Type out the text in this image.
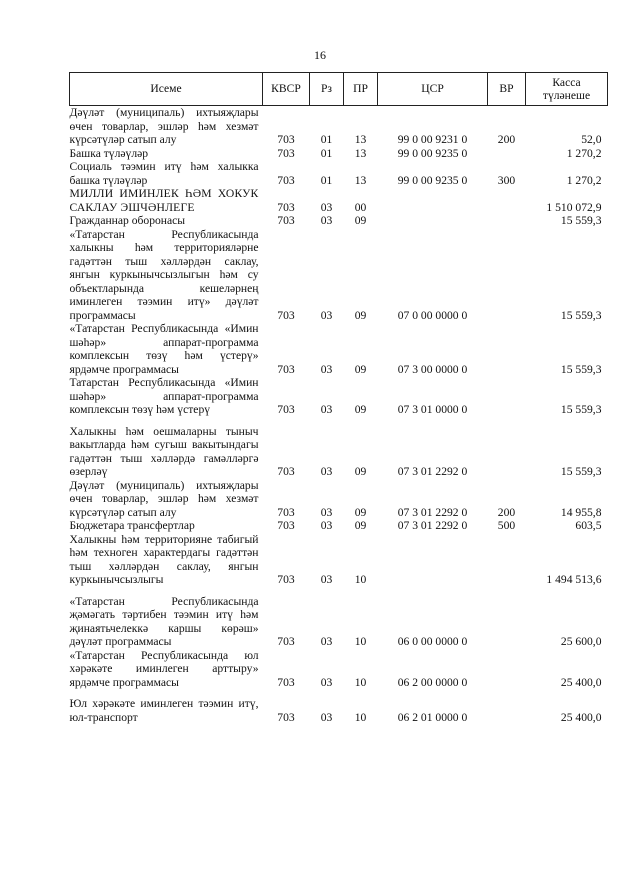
16
Исеме	КВСР	Рз	ПР	ЦСР	ВР	Касса түләнеше
Дәүләт (муниципаль) ихтыяҗлары өчен товарлар, эшләр һәм хезмәт күрсәтүләр сатып алу	703	01	13	99 0 00 9231 0	200	52,0
Башка түләүләр	703	01	13	99 0 00 9235 0		1 270,2
Социаль тәэмин итү һәм халыкка башка түләүләр	703	01	13	99 0 00 9235 0	300	1 270,2
МИЛЛИ ИМИНЛЕК ҺӘМ ХОКУК САКЛАУ ЭШЧӘНЛЕГЕ	703	03	00			1 510 072,9
Гражданнар оборонасы	703	03	09			15 559,3
«Татарстан Республикасында халыкны һәм территорияләрне гадәттән тыш хәлләрдән саклау, янгын куркынычсызлыгын һәм су объектларында кешеләрнең иминлеген тәэмин итү» дәүләт программасы	703	03	09	07 0 00 0000 0		15 559,3
«Татарстан Республикасында «Имин шәһәр» аппарат-программа комплексын төзү һәм үстерү» ярдәмче программасы	703	03	09	07 3 00 0000 0		15 559,3
Татарстан Республикасында «Имин шәһәр» аппарат-программа комплексын төзү һәм үстерү	703	03	09	07 3 01 0000 0		15 559,3
Халыкны һәм оешмаларны тыныч вакытларда һәм сугыш вакытындагы гадәттән тыш хәлләрдә гамәлләргә өзерләү	703	03	09	07 3 01 2292 0		15 559,3
Дәүләт (муниципаль) ихтыяҗлары өчен товарлар, эшләр һәм хезмәт күрсәтүләр сатып алу	703	03	09	07 3 01 2292 0	200	14 955,8
Бюджетара трансфертлар	703	03	09	07 3 01 2292 0	500	603,5
Халыкны һәм территорияне табигый һәм техноген характердагы гадәттән тыш хәлләрдән саклау, янгын куркынычсызлыгы	703	03	10			1 494 513,6
«Татарстан Республикасында җәмәгать тәртибен тәэмин итү һәм җинаятьчелеккә каршы көрәш» дәүләт программасы	703	03	10	06 0 00 0000 0		25 600,0
«Татарстан Республикасында юл хәрәкәте иминлеген арттыру» ярдәмче программасы	703	03	10	06 2 00 0000 0		25 400,0
Юл хәрәкәте иминлеген тәэмин итү, юл-транспорт	703	03	10	06 2 01 0000 0		25 400,0
